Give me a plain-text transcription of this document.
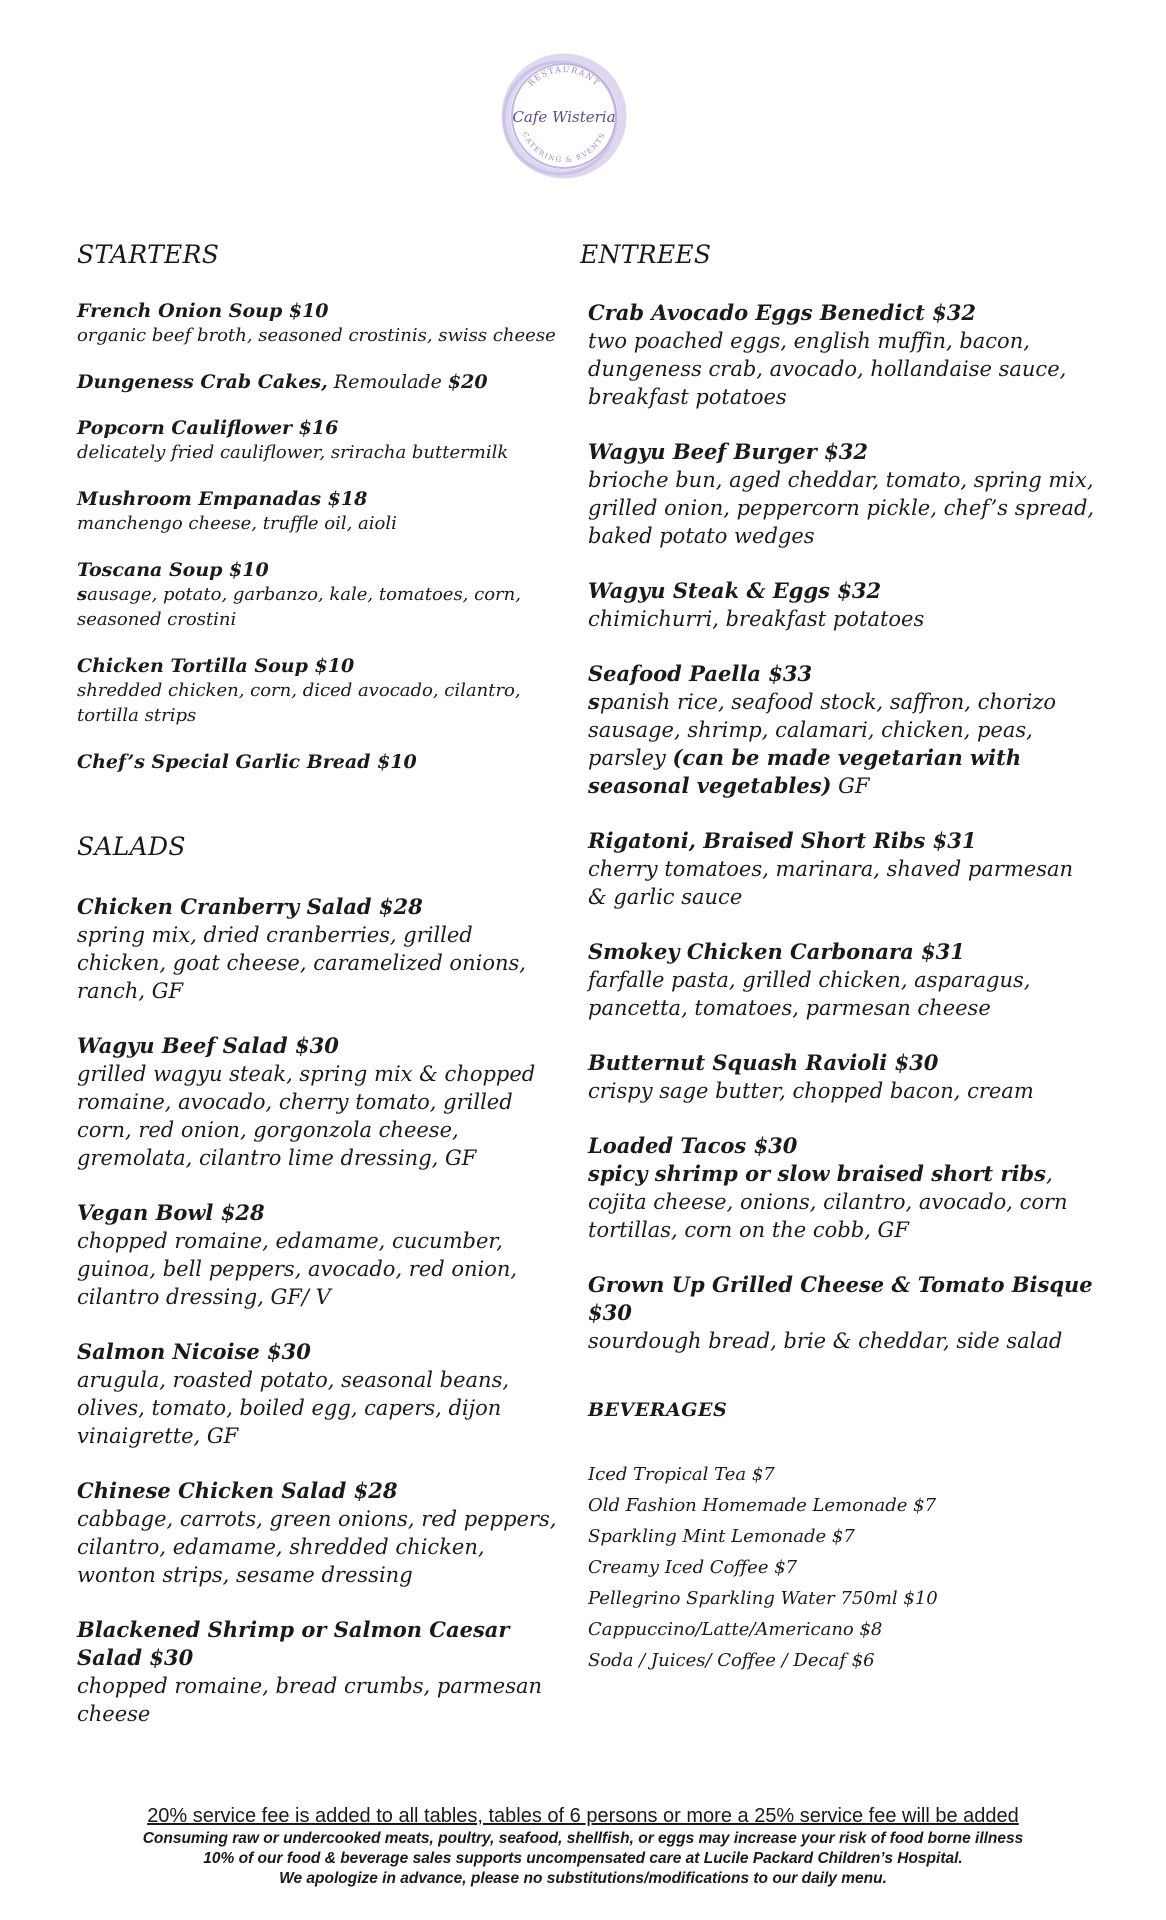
RESTAURANT
CATERING & EVENTS
Cafe Wisteria
STARTERS

French Onion Soup $10
organic beef broth, seasoned crostinis, swiss cheese

Dungeness Crab Cakes, Remoulade $20

Popcorn Cauliflower $16
delicately fried cauliflower, sriracha buttermilk

Mushroom Empanadas $18
manchengo cheese, truffle oil, aioli

Toscana Soup $10
sausage, potato, garbanzo, kale, tomatoes, corn, seasoned crostini

Chicken Tortilla Soup $10
shredded chicken, corn, diced avocado, cilantro, tortilla strips

Chef’s Special Garlic Bread $10

SALADS

Chicken Cranberry Salad $28
spring mix, dried cranberries, grilled chicken, goat cheese, caramelized onions, ranch, GF

Wagyu Beef Salad $30
grilled wagyu steak, spring mix & chopped romaine, avocado, cherry tomato, grilled corn, red onion, gorgonzola cheese, gremolata, cilantro lime dressing, GF

Vegan Bowl $28
chopped romaine, edamame, cucumber, guinoa, bell peppers, avocado, red onion, cilantro dressing, GF/ V

Salmon Nicoise $30
arugula, roasted potato, seasonal beans, olives, tomato, boiled egg, capers, dijon vinaigrette, GF

Chinese Chicken Salad $28
cabbage, carrots, green onions, red peppers, cilantro, edamame, shredded chicken, wonton strips, sesame dressing

Blackened Shrimp or Salmon Caesar Salad $30
chopped romaine, bread crumbs, parmesan cheese

ENTREES

Crab Avocado Eggs Benedict $32
two poached eggs, english muffin, bacon, dungeness crab, avocado, hollandaise sauce, breakfast potatoes

Wagyu Beef Burger $32
brioche bun, aged cheddar, tomato, spring mix, grilled onion, peppercorn pickle, chef’s spread, baked potato wedges

Wagyu Steak & Eggs $32
chimichurri, breakfast potatoes

Seafood Paella $33
spanish rice, seafood stock, saffron, chorizo sausage, shrimp, calamari, chicken, peas, parsley (can be made vegetarian with seasonal vegetables) GF

Rigatoni, Braised Short Ribs $31
cherry tomatoes, marinara, shaved parmesan & garlic sauce

Smokey Chicken Carbonara $31
farfalle pasta, grilled chicken, asparagus, pancetta, tomatoes, parmesan cheese

Butternut Squash Ravioli $30
crispy sage butter, chopped bacon, cream

Loaded Tacos $30
spicy shrimp or slow braised short ribs, cojita cheese, onions, cilantro, avocado, corn tortillas, corn on the cobb, GF

Grown Up Grilled Cheese & Tomato Bisque $30
sourdough bread, brie & cheddar, side salad

BEVERAGES
Iced Tropical Tea $7
Old Fashion Homemade Lemonade $7
Sparkling Mint Lemonade $7
Creamy Iced Coffee $7
Pellegrino Sparkling Water 750ml $10
Cappuccino/Latte/Americano $8
Soda / Juices/ Coffee / Decaf $6
20% service fee is added to all tables, tables of 6 persons or more a 25% service fee will be added
Consuming raw or undercooked meats, poultry, seafood, shellfish, or eggs may increase your risk of food borne illness
10% of our food & beverage sales supports uncompensated care at Lucile Packard Children’s Hospital.
We apologize in advance, please no substitutions/modifications to our daily menu.
